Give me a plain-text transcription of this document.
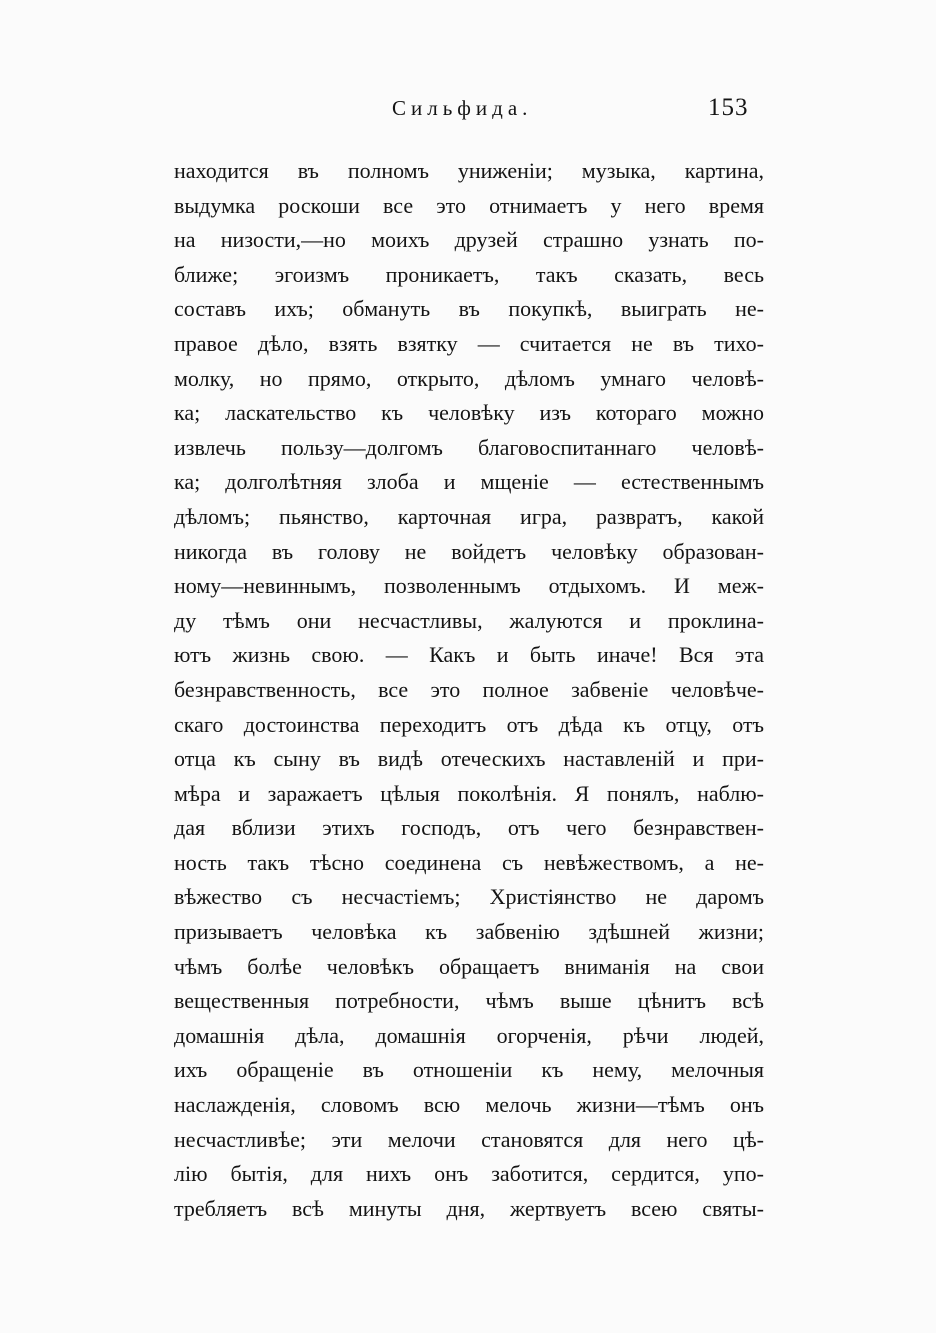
Сильфида.	153
находится въ полномъ униженіи; музыка, картина,
выдумка роскоши все это отнимаетъ у него время
на низости,—но моихъ друзей страшно узнать по-
ближе; эгоизмъ проникаетъ, такъ сказать, весь
составъ ихъ; обмануть въ покупкѣ, выиграть не-
правое дѣло, взять взятку — считается не въ тихо-
молку, но прямо, открыто, дѣломъ умнаго человѣ-
ка; ласкательство къ человѣку изъ котораго можно
извлечь пользу—долгомъ благовоспитаннаго человѣ-
ка; долголѣтняя злоба и мщеніе — естественнымъ
дѣломъ; пьянство, карточная игра, развратъ, какой
никогда въ голову не войдетъ человѣку образован-
ному—невиннымъ, позволеннымъ отдыхомъ. И меж-
ду тѣмъ они несчастливы, жалуются и проклина-
ютъ жизнь свою. — Какъ и быть иначе! Вся эта
безнравственность, все это полное забвеніе человѣче-
скаго достоинства переходитъ отъ дѣда къ отцу, отъ
отца къ сыну въ видѣ отеческихъ наставленій и при-
мѣра и заражаетъ цѣлыя поколѣнія. Я понялъ, наблю-
дая вблизи этихъ господъ, отъ чего безнравствен-
ность такъ тѣсно соединена съ невѣжествомъ, а не-
вѣжество съ несчастіемъ; Христіянство не даромъ
призываетъ человѣка къ забвенію здѣшней жизни;
чѣмъ болѣе человѣкъ обращаетъ вниманія на свои
вещественныя потребности, чѣмъ выше цѣнитъ всѣ
домашнія дѣла, домашнія огорченія, рѣчи людей,
ихъ обращеніе въ отношеніи къ нему, мелочныя
наслажденія, словомъ всю мелочь жизни—тѣмъ онъ
несчастливѣе; эти мелочи становятся для него цѣ-
лію бытія, для нихъ онъ заботится, сердится, упо-
требляетъ всѣ минуты дня, жертвуетъ всею святы-
